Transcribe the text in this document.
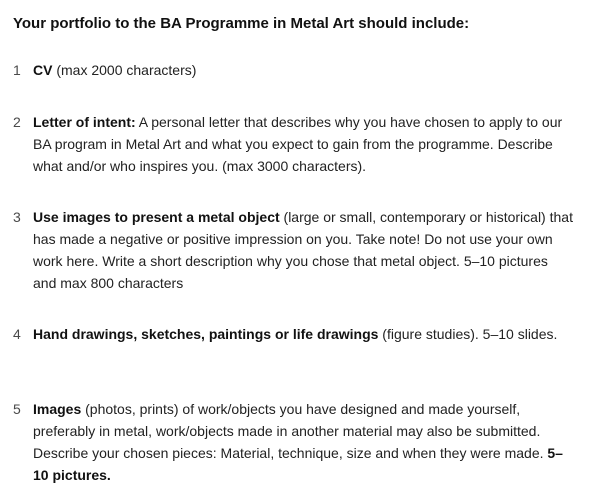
Your portfolio to the BA Programme in Metal Art should include:
1 CV (max 2000 characters)

2 Letter of intent: A personal letter that describes why you have chosen to apply to our BA program in Metal Art and what you expect to gain from the programme. Describe what and/or who inspires you. (max 3000 characters).

3 Use images to present a metal object (large or small, contemporary or historical) that has made a negative or positive impression on you. Take note! Do not use your own work here. Write a short description why you chose that metal object. 5–10 pictures and max 800 characters

4 Hand drawings, sketches, paintings or life drawings (figure studies). 5–10 slides.

5 Images (photos, prints) of work/objects you have designed and made yourself, preferably in metal, work/objects made in another material may also be submitted. Describe your chosen pieces: Material, technique, size and when they were made. 5–10 pictures.
